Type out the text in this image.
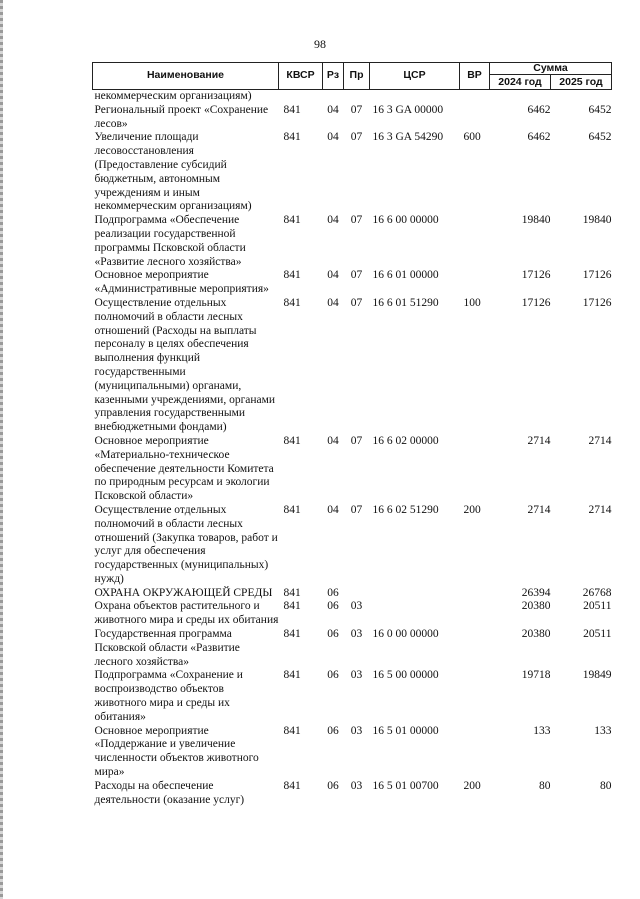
98
Наименование	КВСР	Рз	Пр	ЦСР	ВР	Сумма	
						2024 год	2025 год
некоммерческим организациям)							
Региональный проект «Сохранение лесов»	841	04	07	16 3 GA 00000		6462	6452
Увеличение площади лесовосстановления (Предоставление субсидий бюджетным, автономным учреждениям и иным некоммерческим организациям)	841	04	07	16 3 GA 54290	600	6462	6452
Подпрограмма «Обеспечение реализации государственной программы Псковской области «Развитие лесного хозяйства»	841	04	07	16 6 00 00000		19840	19840
Основное мероприятие «Административные мероприятия»	841	04	07	16 6 01 00000		17126	17126
Осуществление отдельных полномочий в области лесных отношений (Расходы на выплаты персоналу в целях обеспечения выполнения функций государственными (муниципальными) органами, казенными учреждениями, органами управления государственными внебюджетными фондами)	841	04	07	16 6 01 51290	100	17126	17126
Основное мероприятие «Материально-техническое обеспечение деятельности Комитета по природным ресурсам и экологии Псковской области»	841	04	07	16 6 02 00000		2714	2714
Осуществление отдельных полномочий в области лесных отношений (Закупка товаров, работ и услуг для обеспечения государственных (муниципальных) нужд)	841	04	07	16 6 02 51290	200	2714	2714
ОХРАНА ОКРУЖАЮЩЕЙ СРЕДЫ	841	06				26394	26768
Охрана объектов растительного и животного мира и среды их обитания	841	06	03			20380	20511
Государственная программа Псковской области «Развитие лесного хозяйства»	841	06	03	16 0 00 00000		20380	20511
Подпрограмма «Сохранение и воспроизводство объектов животного мира и среды их обитания»	841	06	03	16 5 00 00000		19718	19849
Основное мероприятие «Поддержание и увеличение численности объектов животного мира»	841	06	03	16 5 01 00000		133	133
Расходы на обеспечение деятельности (оказание услуг)	841	06	03	16 5 01 00700	200	80	80
